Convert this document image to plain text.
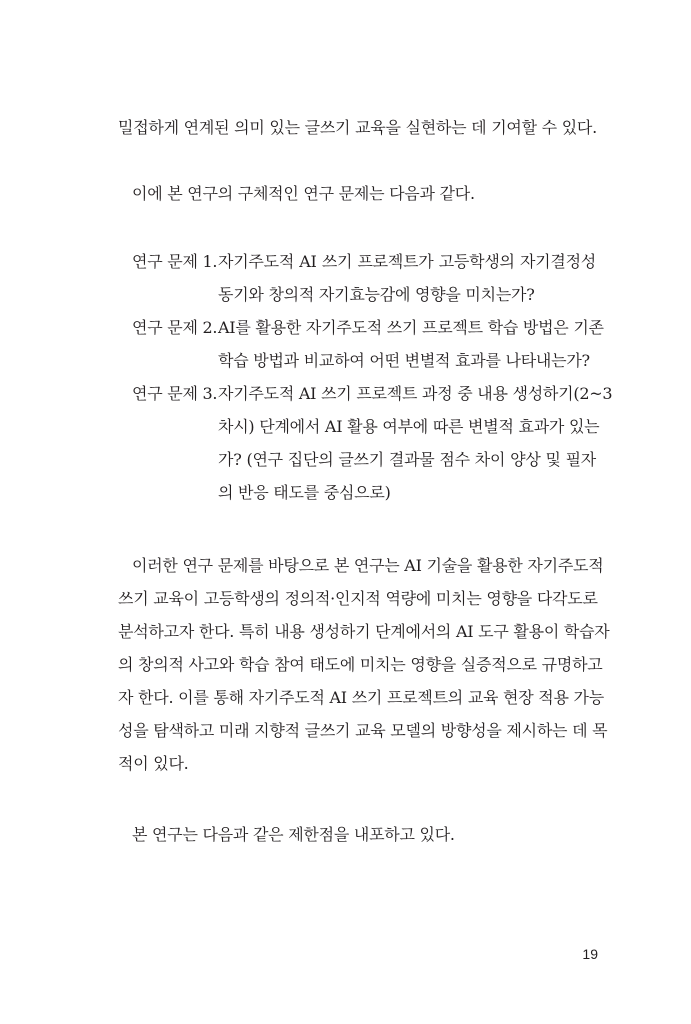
밀접하게 연계된 의미 있는 글쓰기 교육을 실현하는 데 기여할 수 있다.
이에 본 연구의 구체적인 연구 문제는 다음과 같다.
연구 문제 1. 자기주도적 AI 쓰기 프로젝트가 고등학생의 자기결정성
동기와 창의적 자기효능감에 영향을 미치는가?
연구 문제 2. AI를 활용한 자기주도적 쓰기 프로젝트 학습 방법은 기존
학습 방법과 비교하여 어떤 변별적 효과를 나타내는가?
연구 문제 3. 자기주도적 AI 쓰기 프로젝트 과정 중 내용 생성하기(2~3
차시) 단계에서 AI 활용 여부에 따른 변별적 효과가 있는
가? (연구 집단의 글쓰기 결과물 점수 차이 양상 및 필자
의 반응 태도를 중심으로)
이러한 연구 문제를 바탕으로 본 연구는 AI 기술을 활용한 자기주도적
쓰기 교육이 고등학생의 정의적·인지적 역량에 미치는 영향을 다각도로
분석하고자 한다. 특히 내용 생성하기 단계에서의 AI 도구 활용이 학습자
의 창의적 사고와 학습 참여 태도에 미치는 영향을 실증적으로 규명하고
자 한다. 이를 통해 자기주도적 AI 쓰기 프로젝트의 교육 현장 적용 가능
성을 탐색하고 미래 지향적 글쓰기 교육 모델의 방향성을 제시하는 데 목
적이 있다.
본 연구는 다음과 같은 제한점을 내포하고 있다.
19
